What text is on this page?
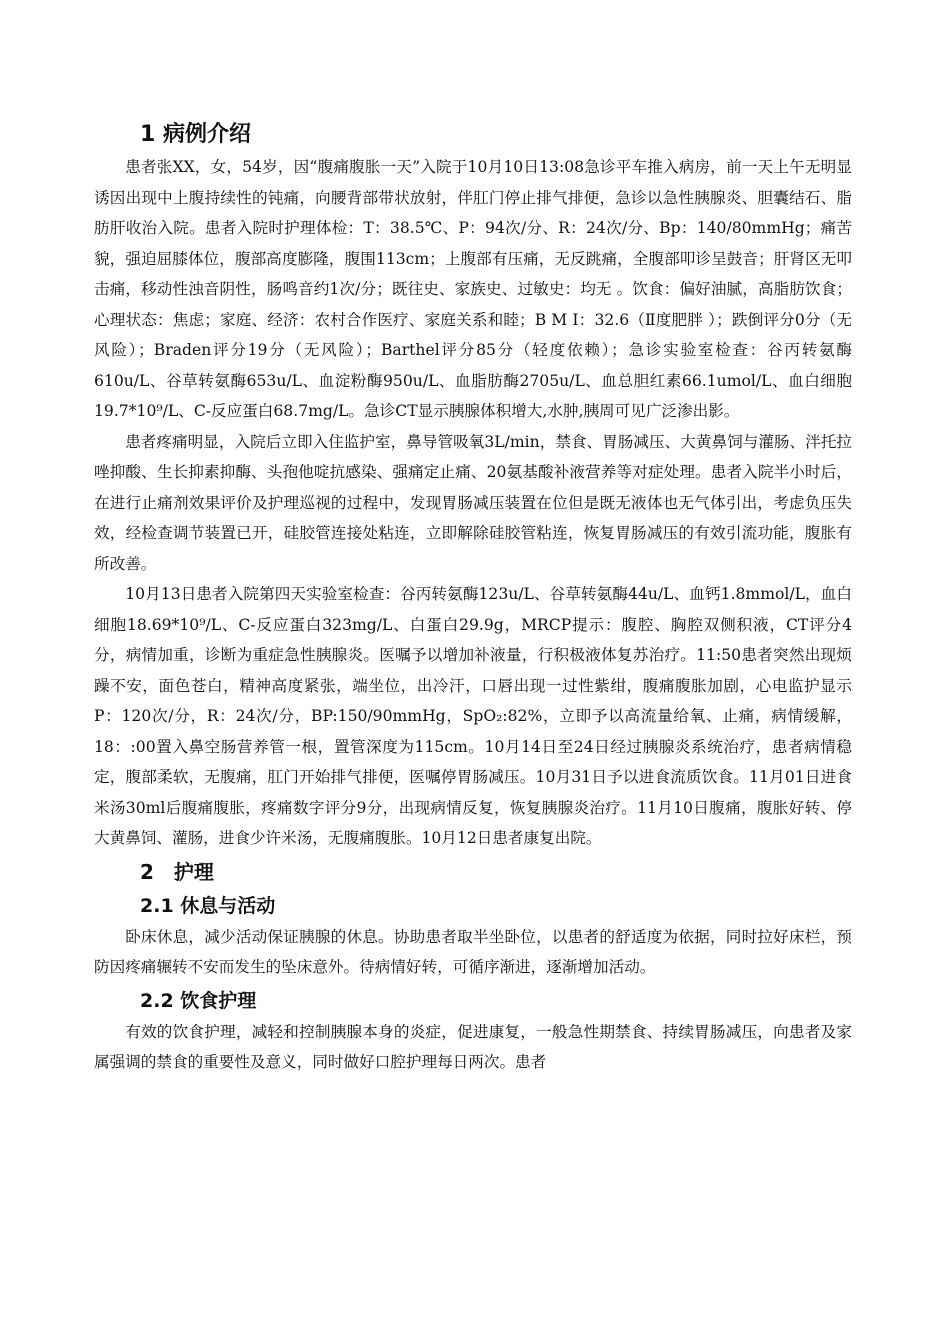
1 病例介绍

患者张XX，女，54岁，因“腹痛腹胀一天”入院于10月10日13:08急诊平车推入病房，前一天上午无明显诱因出现中上腹持续性的钝痛，向腰背部带状放射，伴肛门停止排气排便，急诊以急性胰腺炎、胆囊结石、脂肪肝收治入院。患者入院时护理体检：T：38.5℃、P：94次/分、R：24次/分、Bp：140/80mmHg；痛苦貌，强迫屈膝体位，腹部高度膨隆，腹围113cm；上腹部有压痛，无反跳痛，全腹部叩诊呈鼓音；肝肾区无叩击痛，移动性浊音阴性，肠鸣音约1次/分；既往史、家族史、过敏史：均无 。饮食：偏好油腻，高脂肪饮食；心理状态：焦虑；家庭、经济：农村合作医疗、家庭关系和睦；B M I：32.6（Ⅱ度肥胖 ）；跌倒评分0分（无风险）；Braden评分19分（无风险）；Barthel评分85分（轻度依赖）；急诊实验室检查：谷丙转氨酶610u/L、谷草转氨酶653u/L、血淀粉酶950u/L、血脂肪酶2705u/L、血总胆红素66.1umol/L、血白细胞19.7*10⁹/L、C-反应蛋白68.7mg/L。急诊CT显示胰腺体积增大,水肿,胰周可见广泛渗出影。

患者疼痛明显，入院后立即入住监护室，鼻导管吸氧3L/min，禁食、胃肠减压、大黄鼻饲与灌肠、泮托拉唑抑酸、生长抑素抑酶、头孢他啶抗感染、强痛定止痛、20氨基酸补液营养等对症处理。患者入院半小时后，在进行止痛剂效果评价及护理巡视的过程中，发现胃肠减压装置在位但是既无液体也无气体引出，考虑负压失效，经检查调节装置已开，硅胶管连接处粘连，立即解除硅胶管粘连，恢复胃肠减压的有效引流功能，腹胀有所改善。

10月13日患者入院第四天实验室检查：谷丙转氨酶123u/L、谷草转氨酶44u/L、血钙1.8mmol/L，血白细胞18.69*10⁹/L、C-反应蛋白323mg/L、白蛋白29.9g，MRCP提示：腹腔、胸腔双侧积液，CT评分4分，病情加重，诊断为重症急性胰腺炎。医嘱予以增加补液量，行积极液体复苏治疗。11:50患者突然出现烦躁不安，面色苍白，精神高度紧张，端坐位，出冷汗，口唇出现一过性紫绀，腹痛腹胀加剧，心电监护显示P：120次/分，R：24次/分，BP:150/90mmHg，SpO₂:82%，立即予以高流量给氧、止痛，病情缓解，18：:00置入鼻空肠营养管一根，置管深度为115cm。10月14日至24日经过胰腺炎系统治疗，患者病情稳定，腹部柔软，无腹痛，肛门开始排气排便，医嘱停胃肠减压。10月31日予以进食流质饮食。11月01日进食米汤30ml后腹痛腹胀，疼痛数字评分9分，出现病情反复，恢复胰腺炎治疗。11月10日腹痛，腹胀好转、停大黄鼻饲、灌肠，进食少许米汤，无腹痛腹胀。10月12日患者康复出院。

2　护理
2.1 休息与活动

卧床休息，减少活动保证胰腺的休息。协助患者取半坐卧位，以患者的舒适度为依据，同时拉好床栏，预防因疼痛辗转不安而发生的坠床意外。待病情好转，可循序渐进，逐渐增加活动。

2.2 饮食护理

有效的饮食护理，减轻和控制胰腺本身的炎症，促进康复，一般急性期禁食、持续胃肠减压，向患者及家属强调的禁食的重要性及意义，同时做好口腔护理每日两次。患者
